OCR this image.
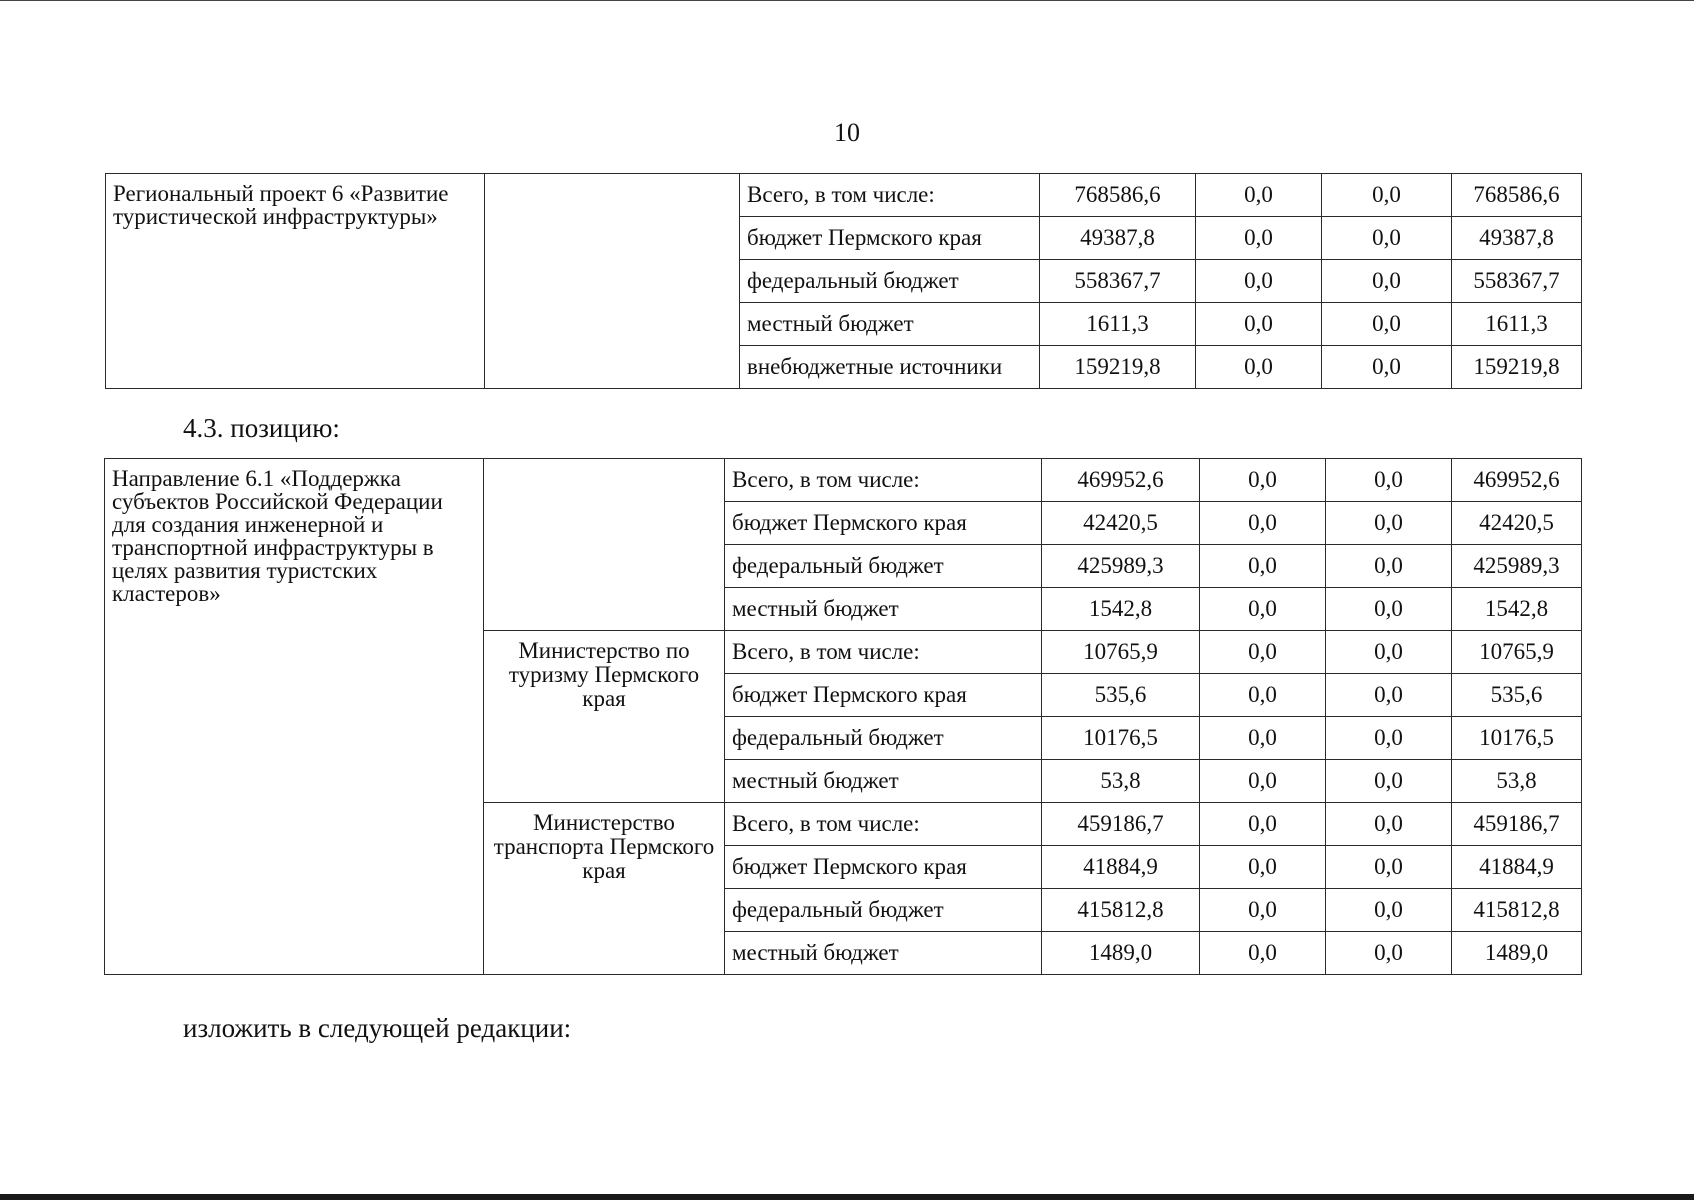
10
Региональный проект 6 «Развитие туристической инфраструктуры»		Всего, в том числе:	768586,6	0,0	0,0	768586,6
		бюджет Пермского края	49387,8	0,0	0,0	49387,8
		федеральный бюджет	558367,7	0,0	0,0	558367,7
		местный бюджет	1611,3	0,0	0,0	1611,3
		внебюджетные источники	159219,8	0,0	0,0	159219,8
4.3. позицию:
Направление 6.1 «Поддержка субъектов Российской Федерации для создания инженерной и транспортной инфраструктуры в целях развития туристских кластеров»		Всего, в том числе:	469952,6	0,0	0,0	469952,6
		бюджет Пермского края	42420,5	0,0	0,0	42420,5
		федеральный бюджет	425989,3	0,0	0,0	425989,3
		местный бюджет	1542,8	0,0	0,0	1542,8
	Министерство по туризму Пермского края	Всего, в том числе:	10765,9	0,0	0,0	10765,9
		бюджет Пермского края	535,6	0,0	0,0	535,6
		федеральный бюджет	10176,5	0,0	0,0	10176,5
		местный бюджет	53,8	0,0	0,0	53,8
	Министерство транспорта Пермского края	Всего, в том числе:	459186,7	0,0	0,0	459186,7
		бюджет Пермского края	41884,9	0,0	0,0	41884,9
		федеральный бюджет	415812,8	0,0	0,0	415812,8
		местный бюджет	1489,0	0,0	0,0	1489,0
изложить в следующей редакции:
